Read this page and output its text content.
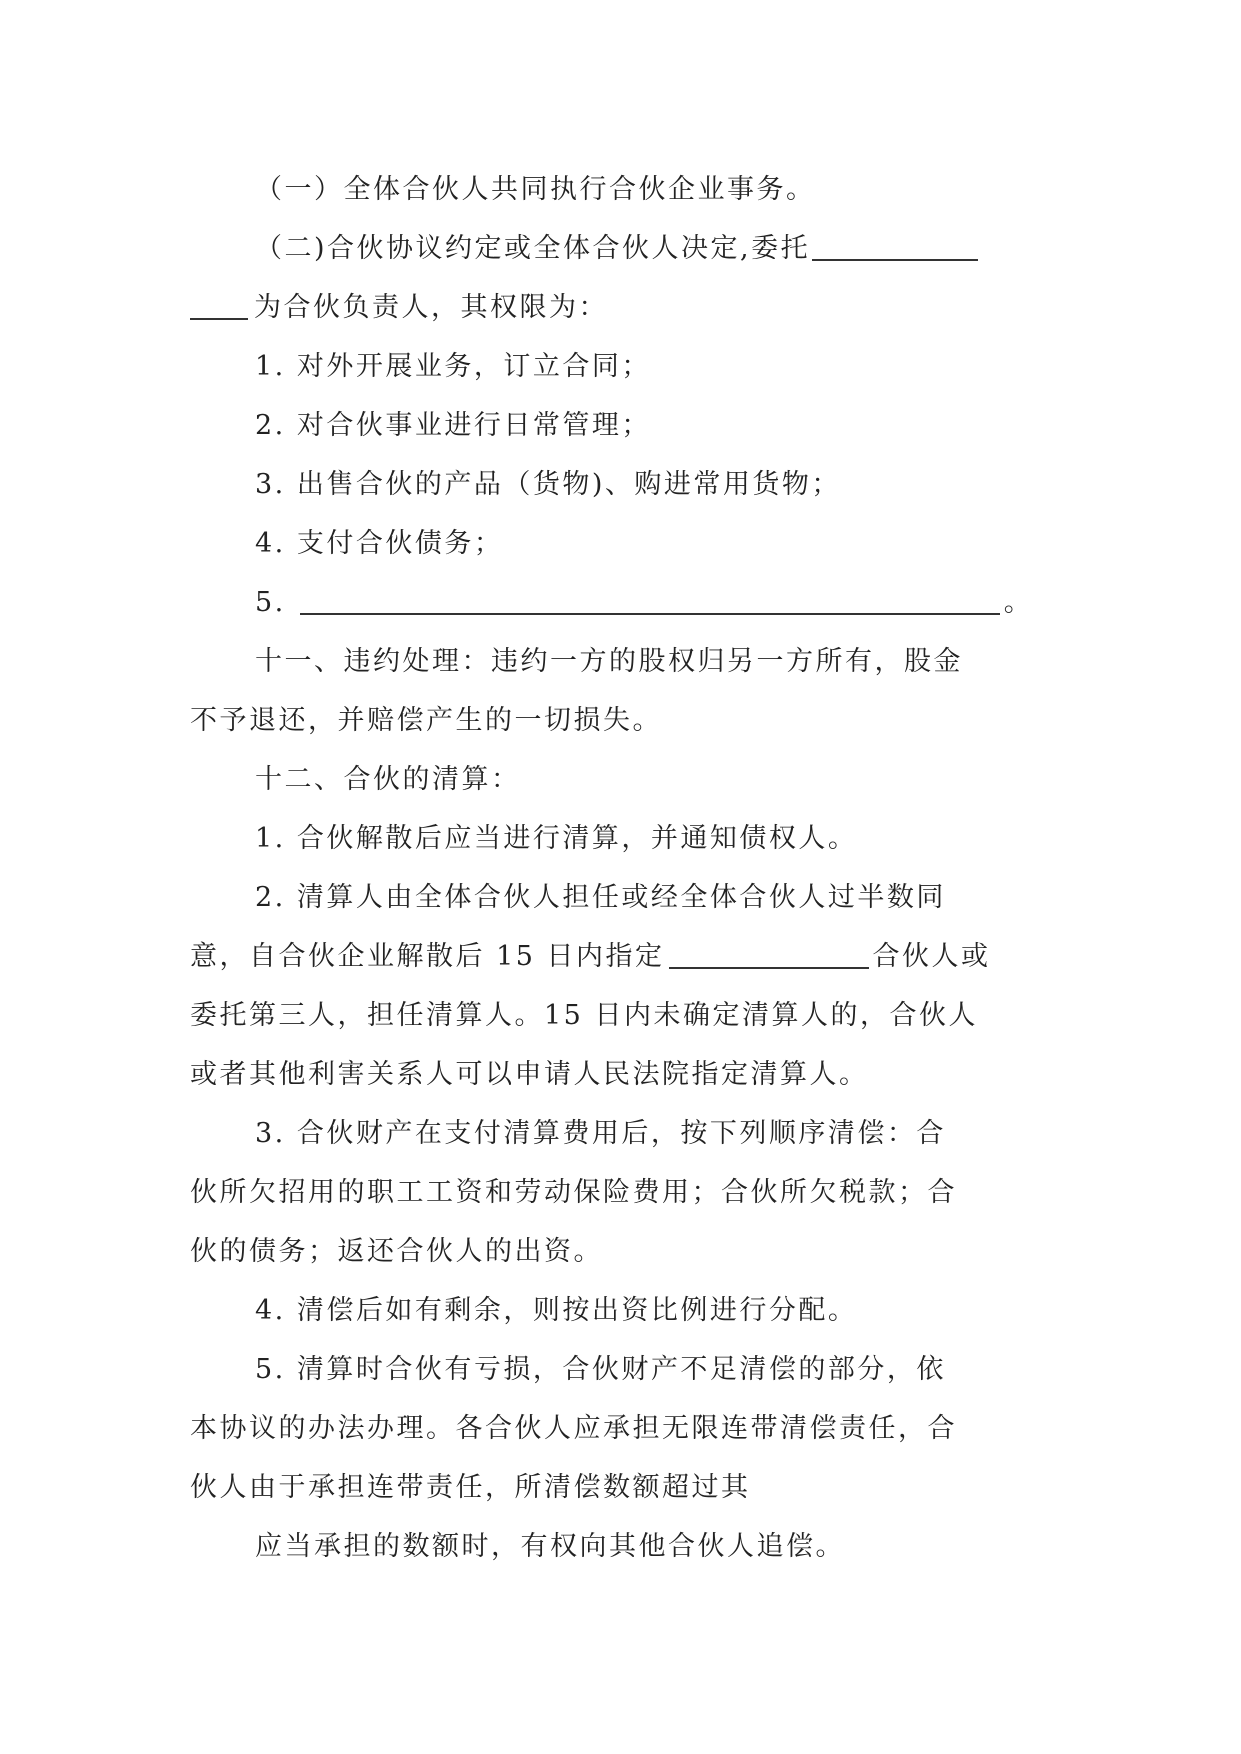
（一）全体合伙人共同执行合伙企业事务。
（二)合伙协议约定或全体合伙人决定,委托
为合伙负责人，其权限为：
1. 对外开展业务，订立合同；
2. 对合伙事业进行日常管理；
3. 出售合伙的产品（货物)、购进常用货物；
4. 支付合伙债务；
5.	。
十一、违约处理：违约一方的股权归另一方所有，股金
不予退还，并赔偿产生的一切损失。
十二、合伙的清算：
1. 合伙解散后应当进行清算，并通知债权人。
2. 清算人由全体合伙人担任或经全体合伙人过半数同
意，自合伙企业解散后 15 日内指定	合伙人或
委托第三人，担任清算人。15 日内未确定清算人的，合伙人
或者其他利害关系人可以申请人民法院指定清算人。
3. 合伙财产在支付清算费用后，按下列顺序清偿：合
伙所欠招用的职工工资和劳动保险费用；合伙所欠税款；合
伙的债务；返还合伙人的出资。
4. 清偿后如有剩余，则按出资比例进行分配。
5. 清算时合伙有亏损，合伙财产不足清偿的部分，依
本协议的办法办理。各合伙人应承担无限连带清偿责任，合
伙人由于承担连带责任，所清偿数额超过其
应当承担的数额时，有权向其他合伙人追偿。
